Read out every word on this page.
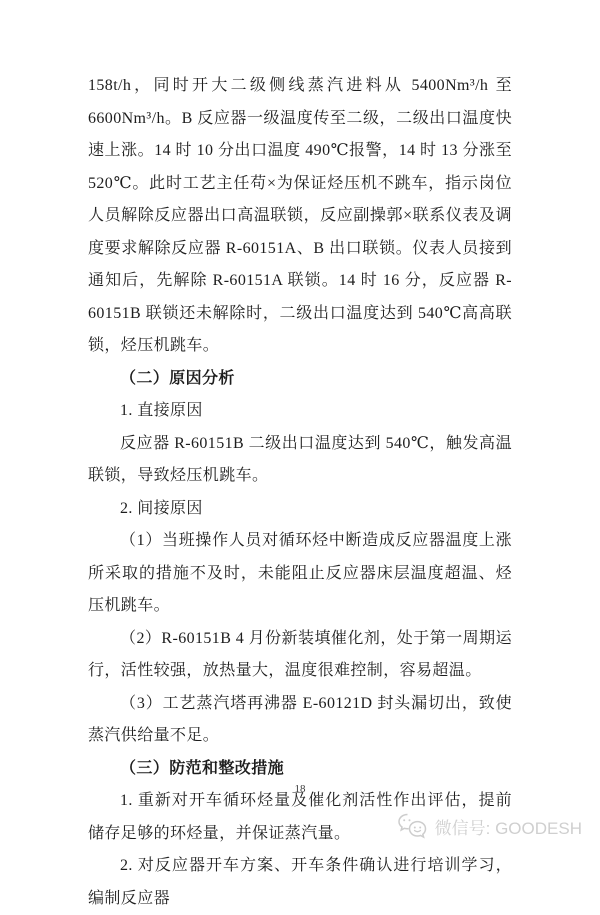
158t/h，同时开大二级侧线蒸汽进料从 5400Nm³/h 至 6600Nm³/h。B 反应器一级温度传至二级，二级出口温度快速上涨。14 时 10 分出口温度 490℃报警，14 时 13 分涨至 520℃。此时工艺主任苟×为保证烃压机不跳车，指示岗位人员解除反应器出口高温联锁，反应副操郭×联系仪表及调度要求解除反应器 R-60151A、B 出口联锁。仪表人员接到通知后，先解除 R-60151A 联锁。14 时 16 分，反应器 R-60151B 联锁还未解除时，二级出口温度达到 540℃高高联锁，烃压机跳车。

（二）原因分析

1. 直接原因

反应器 R-60151B 二级出口温度达到 540℃，触发高温联锁，导致烃压机跳车。

2. 间接原因

（1）当班操作人员对循环烃中断造成反应器温度上涨所采取的措施不及时，未能阻止反应器床层温度超温、烃压机跳车。

（2）R-60151B 4 月份新装填催化剂，处于第一周期运行，活性较强，放热量大，温度很难控制，容易超温。

（3）工艺蒸汽塔再沸器 E-60121D 封头漏切出，致使蒸汽供给量不足。

（三）防范和整改措施

1. 重新对开车循环烃量及催化剂活性作出评估，提前储存足够的环烃量，并保证蒸汽量。

2. 对反应器开车方案、开车条件确认进行培训学习，编制反应器

18
微信号: GOODESH
